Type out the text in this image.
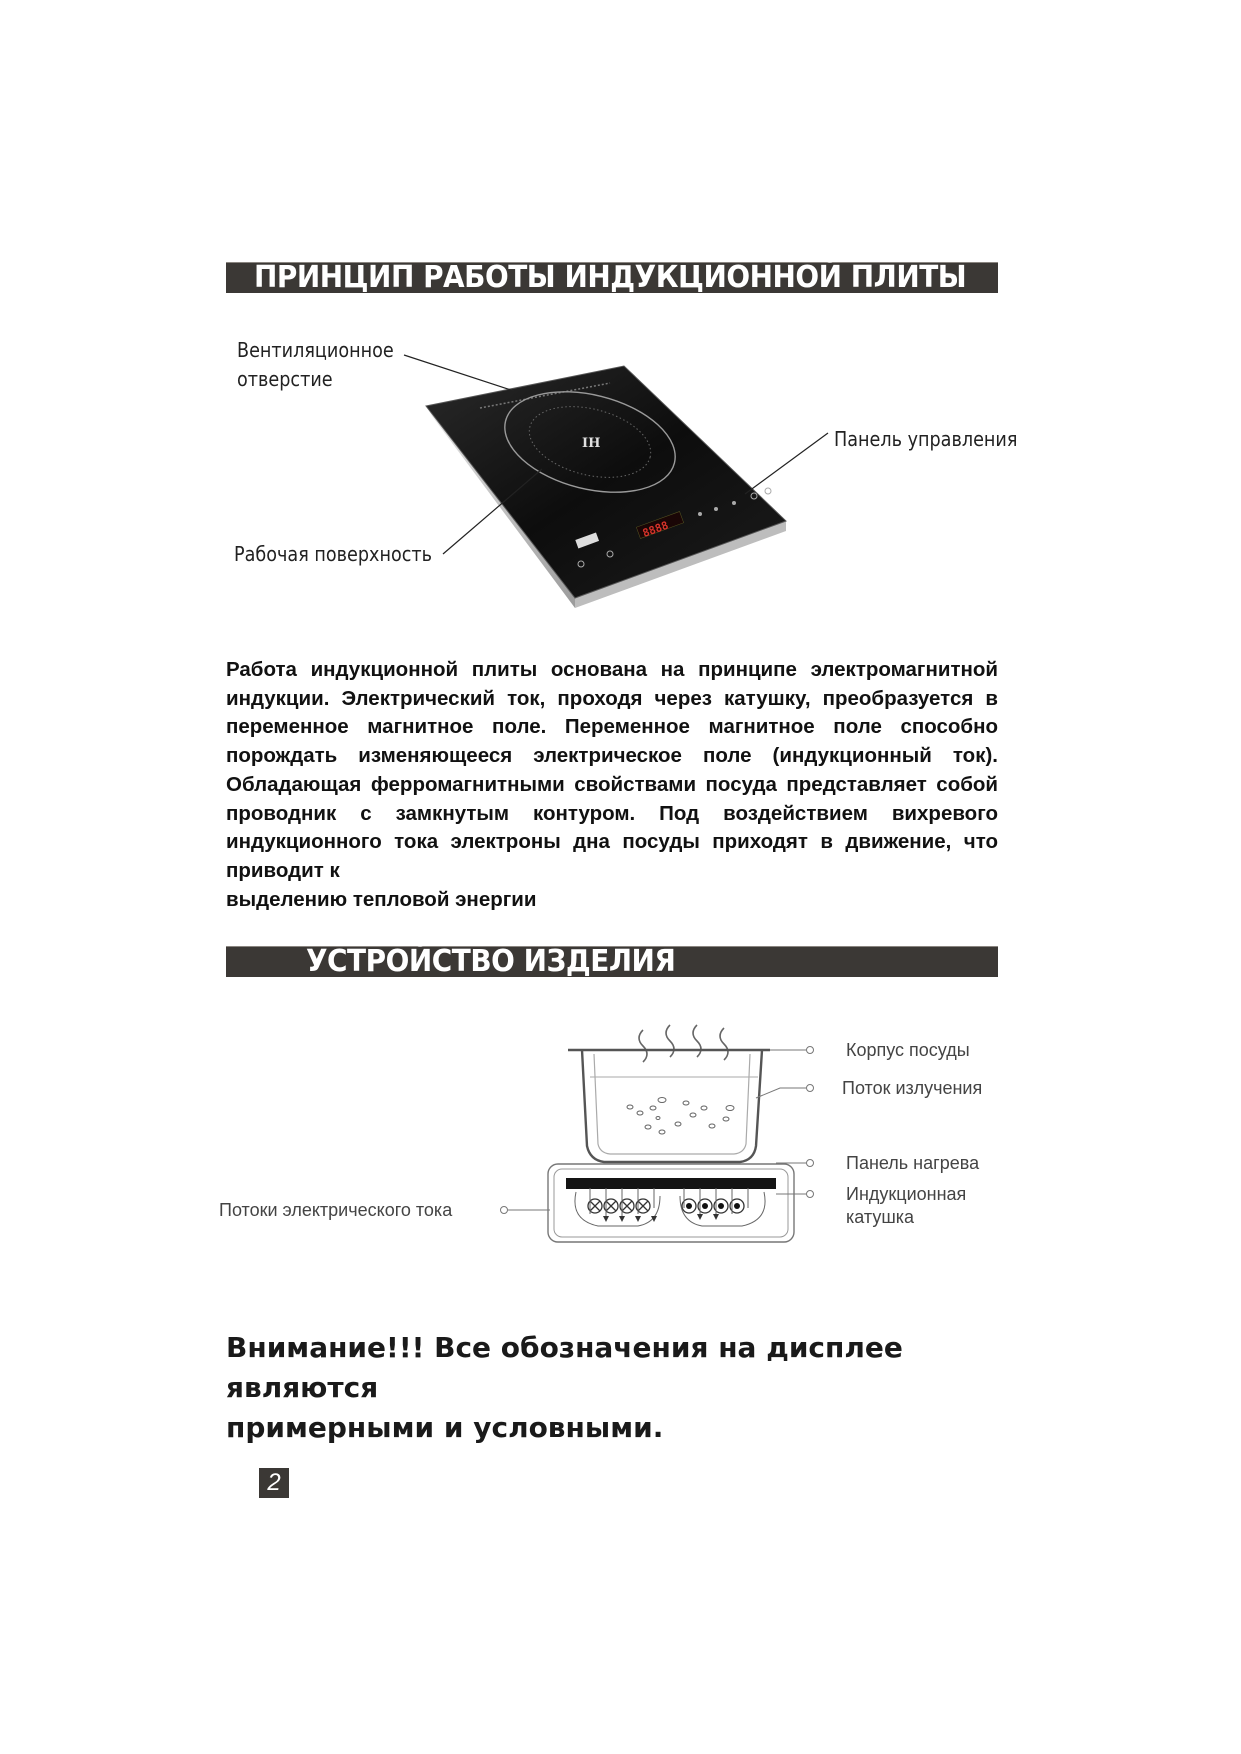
ПРИНЦИП РАБОТЫ ИНДУКЦИОННОЙ ПЛИТЫ
IH
8888
Вентиляционное
отверстие
Панель управления
Рабочая поверхность

Работа индукционной плиты основана на принципе электромагнитной индукции. Электрический ток, проходя через катушку, преобразуется в переменное магнитное поле. Переменное магнитное поле способно порождать изменяющееся электрическое поле (индукционный ток). Обладающая ферромагнитными свойствами посуда представляет собой проводник с замкнутым контуром. Под воздействием вихревого индукционного тока электроны дна посуды приходят в движение, что приводит к

выделению тепловой энергии

УСТРОЙСТВО ИЗДЕЛИЯ
Корпус посуды
Поток излучения
Панель нагрева
Индукционная
катушка
Потоки электрического тока
Внимание!!! Все обозначения на дисплее являются
примерными и условными.
2
